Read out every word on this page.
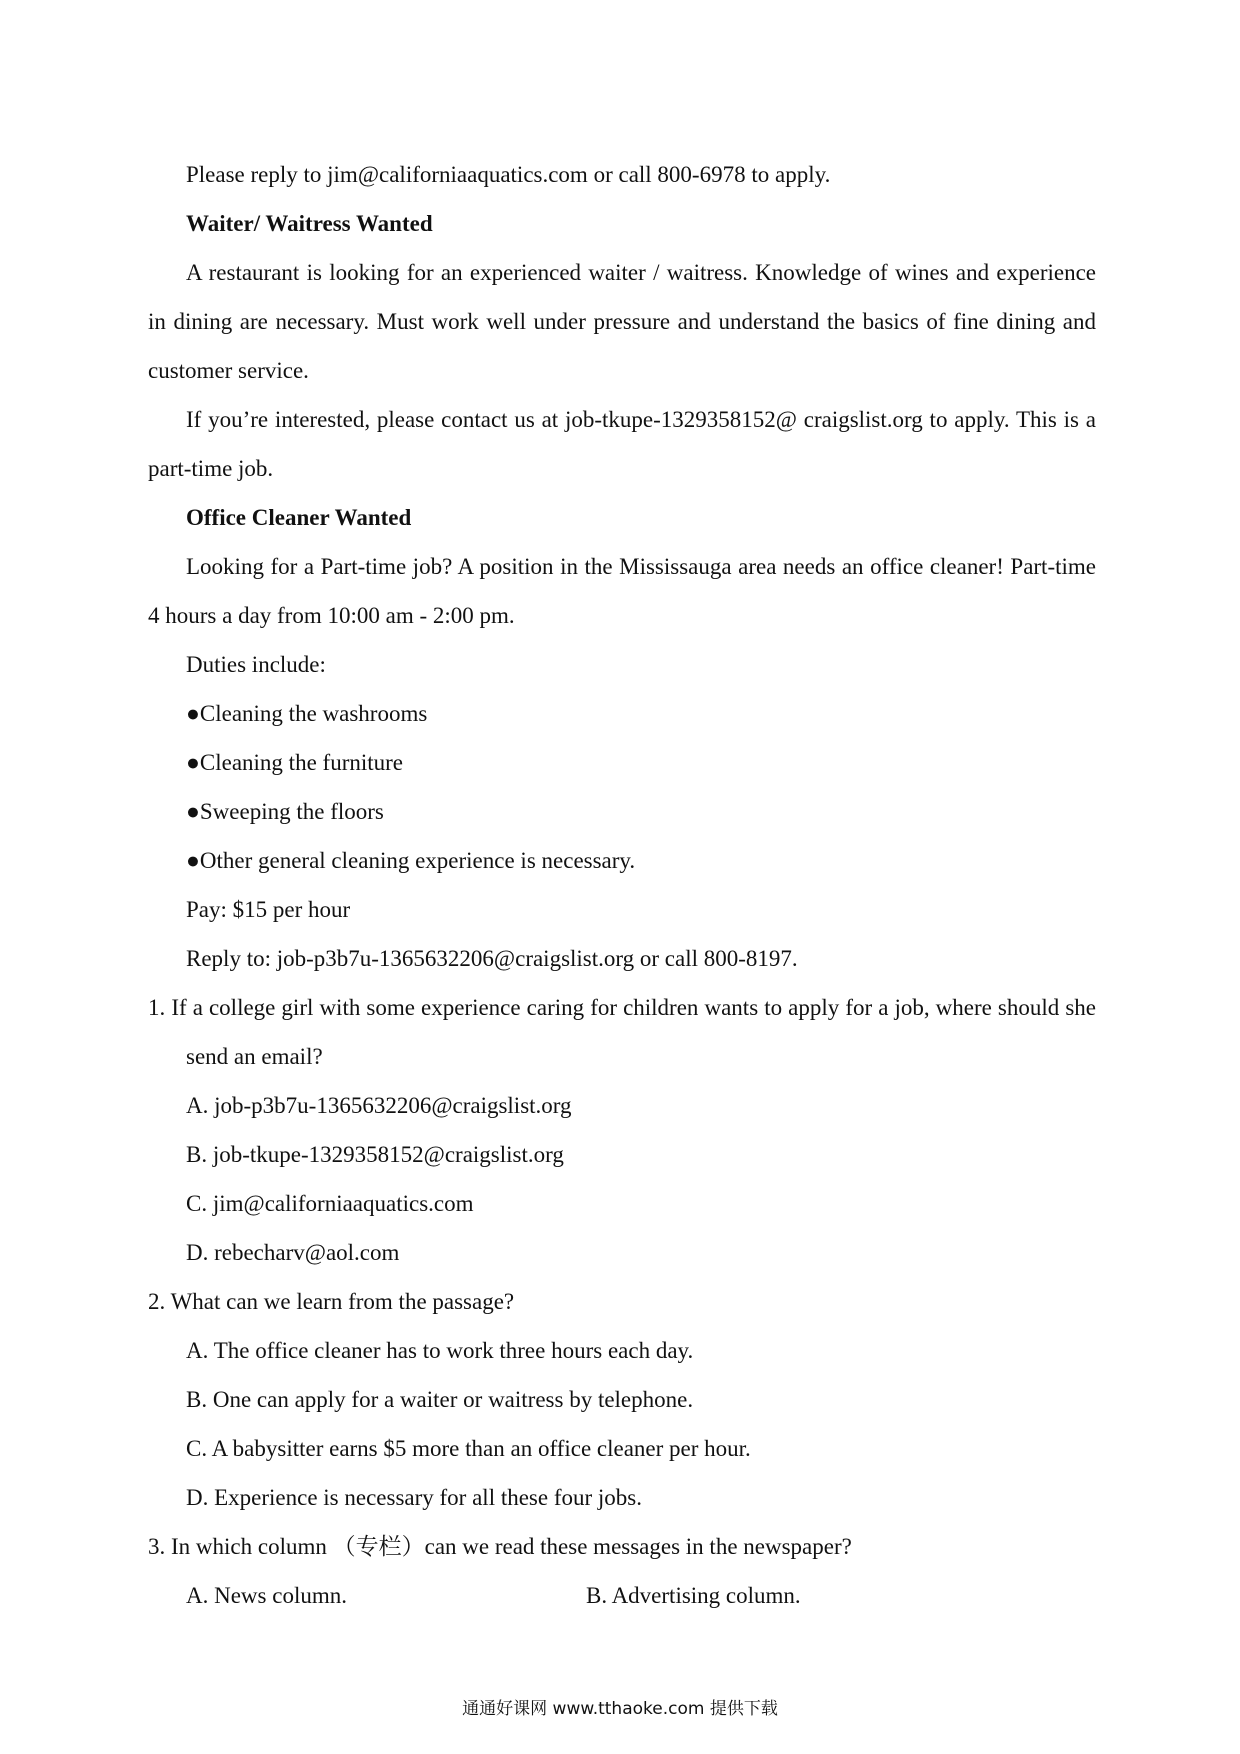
Please reply to jim@californiaaquatics.com or call 800-6978 to apply.

Waiter/ Waitress Wanted

A restaurant is looking for an experienced waiter / waitress. Knowledge of wines and experience in dining are necessary. Must work well under pressure and understand the basics of fine dining and customer service.

If you’re interested, please contact us at job-tkupe-1329358152@ craigslist.org to apply. This is a part-time job.

Office Cleaner Wanted

Looking for a Part-time job? A position in the Mississauga area needs an office cleaner! Part-time 4 hours a day from 10:00 am - 2:00 pm.

Duties include:

●Cleaning the washrooms

●Cleaning the furniture

●Sweeping the floors

●Other general cleaning experience is necessary.

Pay: $15 per hour

Reply to: job-p3b7u-1365632206@craigslist.org or call 800-8197.

1. If a college girl with some experience caring for children wants to apply for a job, where should she send an email?

A. job-p3b7u-1365632206@craigslist.org

B. job-tkupe-1329358152@craigslist.org

C. jim@californiaaquatics.com

D. rebecharv@aol.com

2. What can we learn from the passage?

A. The office cleaner has to work three hours each day.

B. One can apply for a waiter or waitress by telephone.

C. A babysitter earns $5 more than an office cleaner per hour.

D. Experience is necessary for all these four jobs.

3. In which column （专栏）can we read these messages in the newspaper?

A. News column.	B. Advertising column.
通通好课网 www.tthaoke.com 提供下载
